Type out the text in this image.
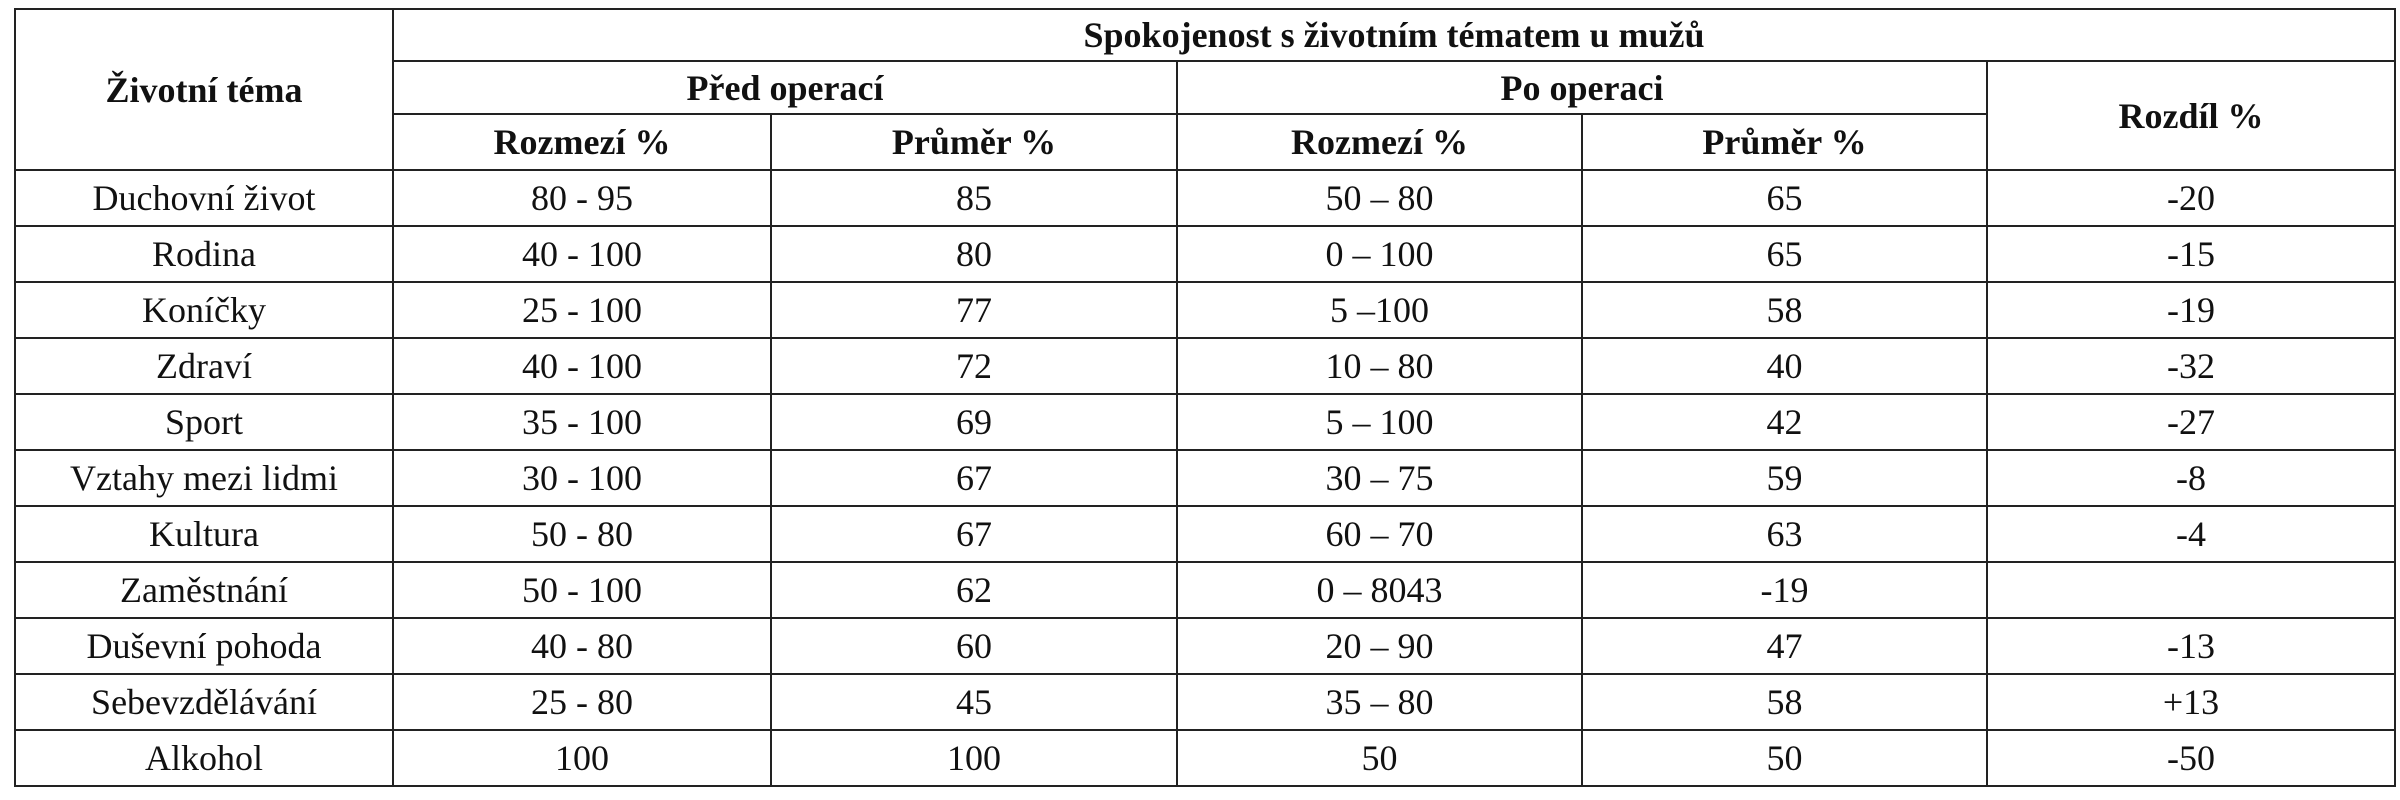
Životní téma	Spokojenost s životním tématem u mužů				
	Před operací		Po operaci		Rozdíl %
	Rozmezí %	Průměr %	Rozmezí %	Průměr %	
Duchovní život	80 - 95	85	50 – 80	65	-20
Rodina	40 - 100	80	0 – 100	65	-15
Koníčky	25 - 100	77	5 –100	58	-19
Zdraví	40 - 100	72	10 – 80	40	-32
Sport	35 - 100	69	5 – 100	42	-27
Vztahy mezi lidmi	30 - 100	67	30 – 75	59	-8
Kultura	50 - 80	67	60 – 70	63	-4
Zaměstnání	50 - 100	62	0 – 8043	-19	
Duševní pohoda	40 - 80	60	20 – 90	47	-13
Sebevzdělávání	25 - 80	45	35 – 80	58	+13
Alkohol	100	100	50	50	-50
